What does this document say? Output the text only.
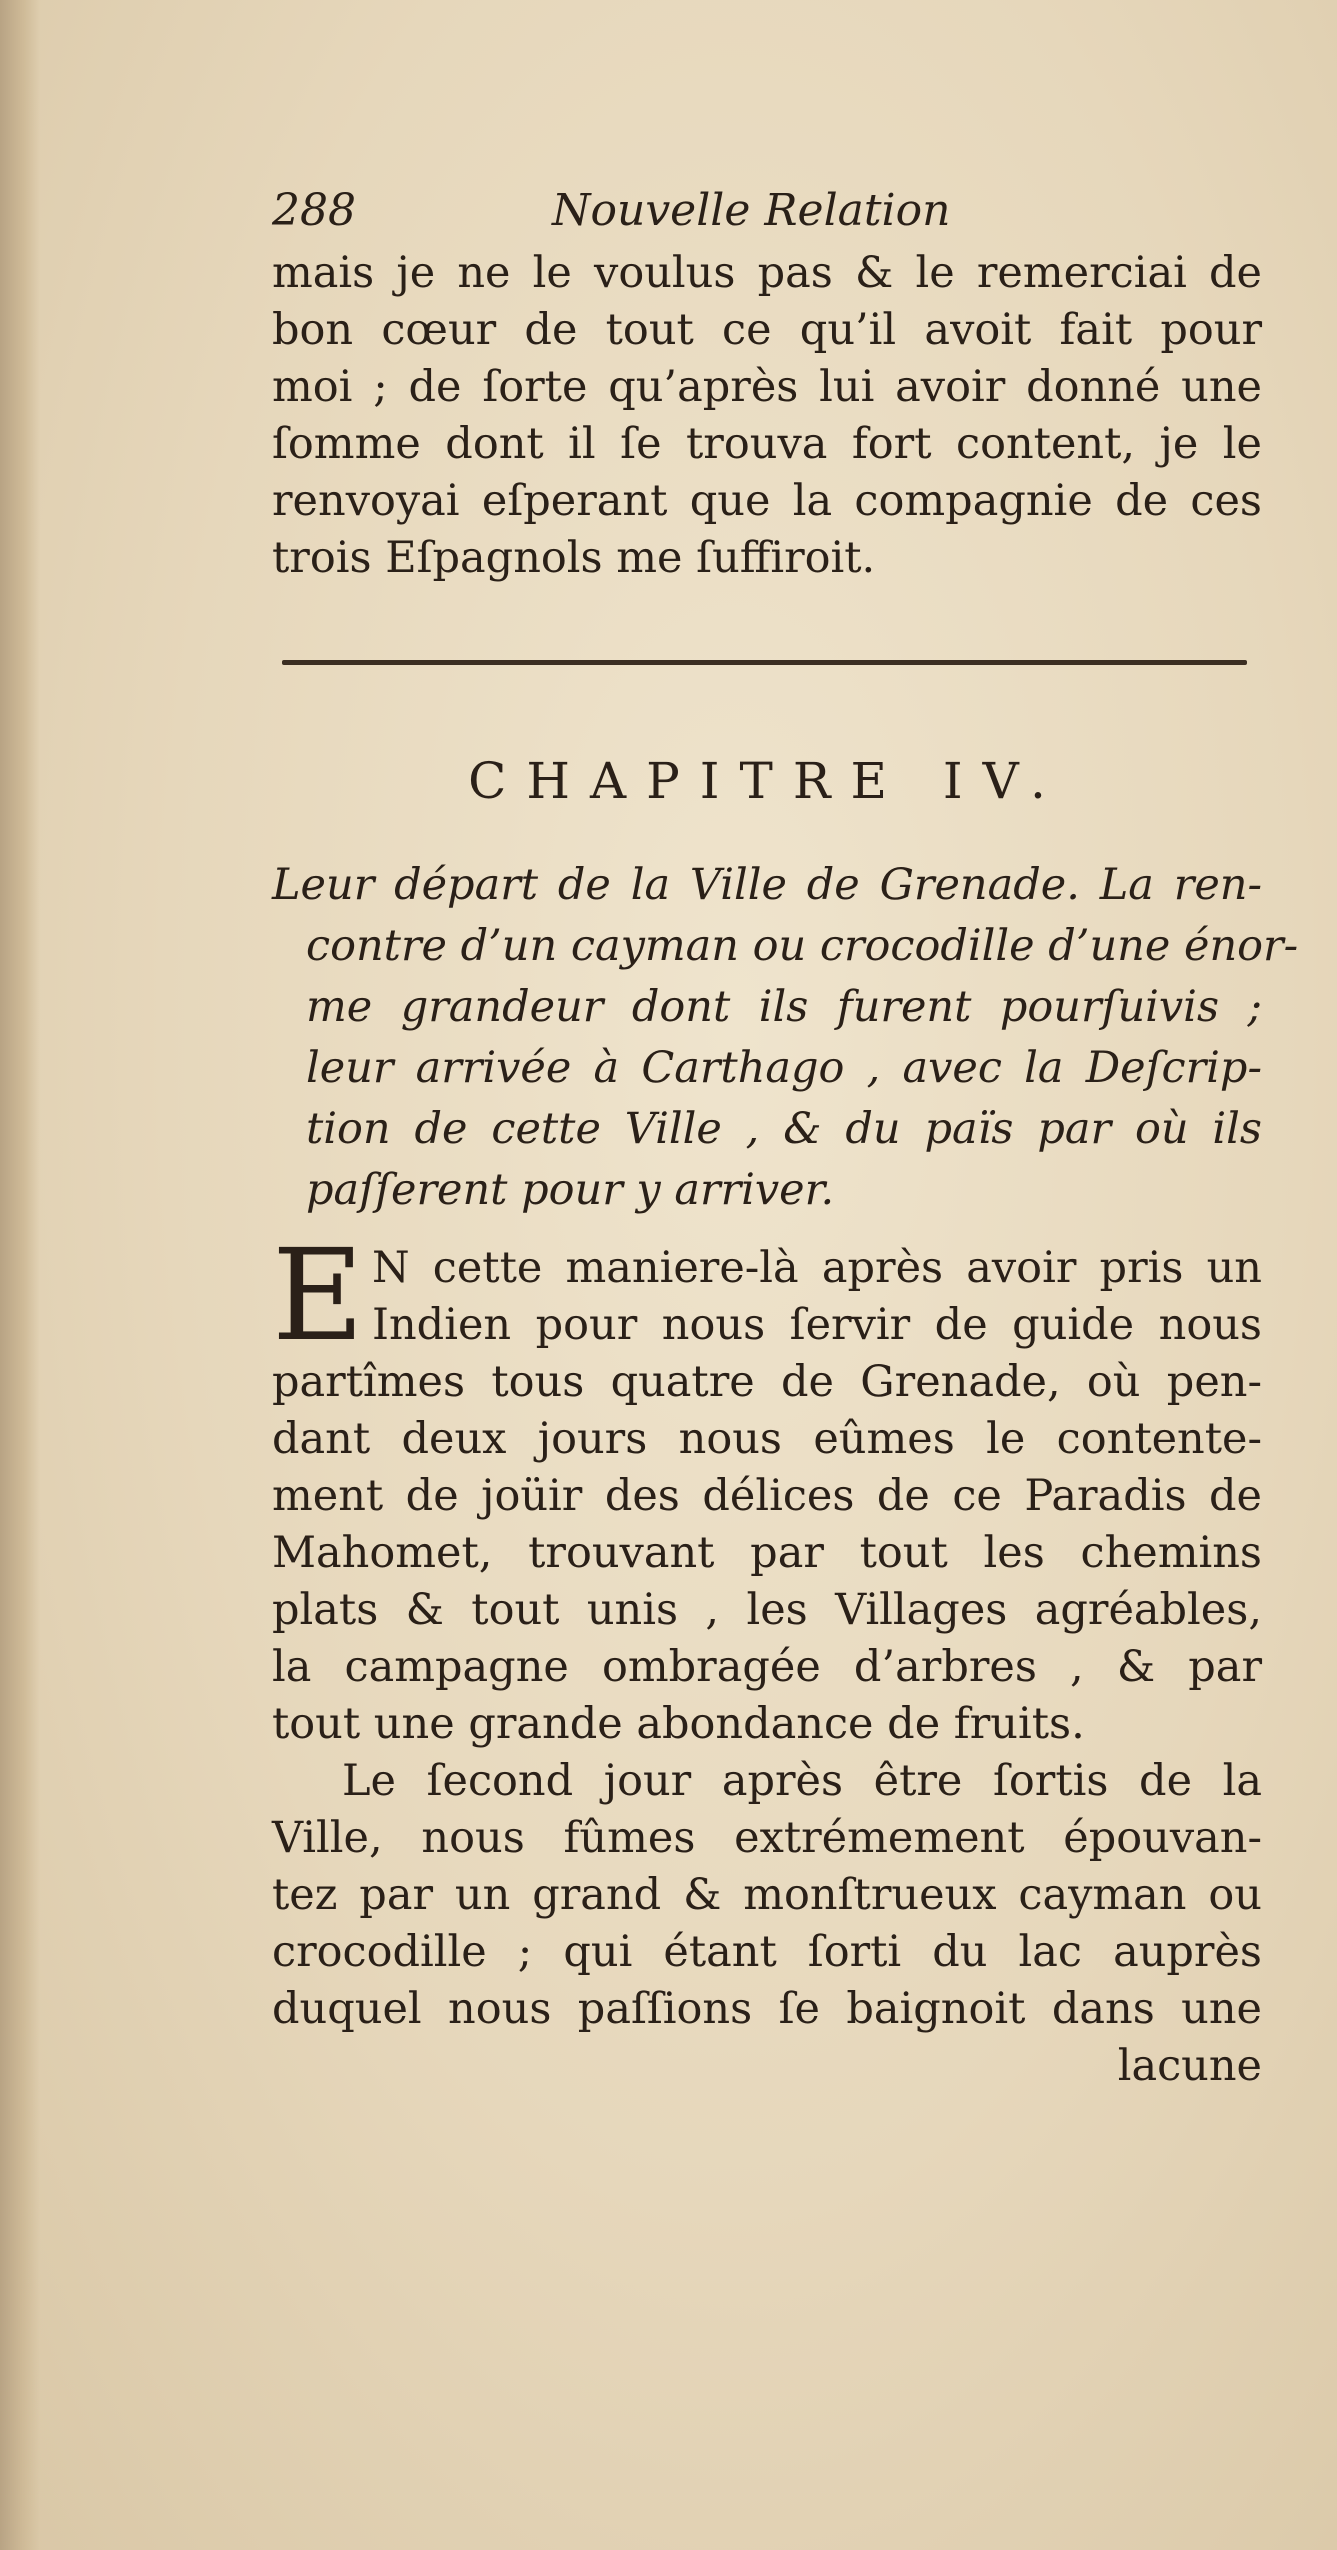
288	Nouvelle Relation
mais je ne le voulus pas & le remerciai de
bon cœur de tout ce qu’il avoit fait pour
moi ; de ſorte qu’après lui avoir donné une
ſomme dont il ſe trouva fort content, je le
renvoyai eſperant que la compagnie de ces
trois Eſpagnols me ſuffiroit.
CHAPITRE IV.
Leur départ de la Ville de Grenade. La ren-
contre d’un cayman ou crocodille d’une énor-
me grandeur dont ils furent pourſuivis ;
leur arrivée à Carthago , avec la Deſcrip-
tion de cette Ville , & du païs par où ils
paſſerent pour y arriver.
E N cette maniere-là après avoir pris un
Indien pour nous ſervir de guide nous
partîmes tous quatre de Grenade, où pen-
dant deux jours nous eûmes le contente-
ment de joüir des délices de ce Paradis de
Mahomet, trouvant par tout les chemins
plats & tout unis , les Villages agréables,
la campagne ombragée d’arbres , & par
tout une grande abondance de fruits.
Le ſecond jour après être ſortis de la
Ville, nous fûmes extrémement épouvan-
tez par un grand & monſtrueux cayman ou
crocodille ; qui étant ſorti du lac auprès
duquel nous paſſions ſe baignoit dans une
lacune
